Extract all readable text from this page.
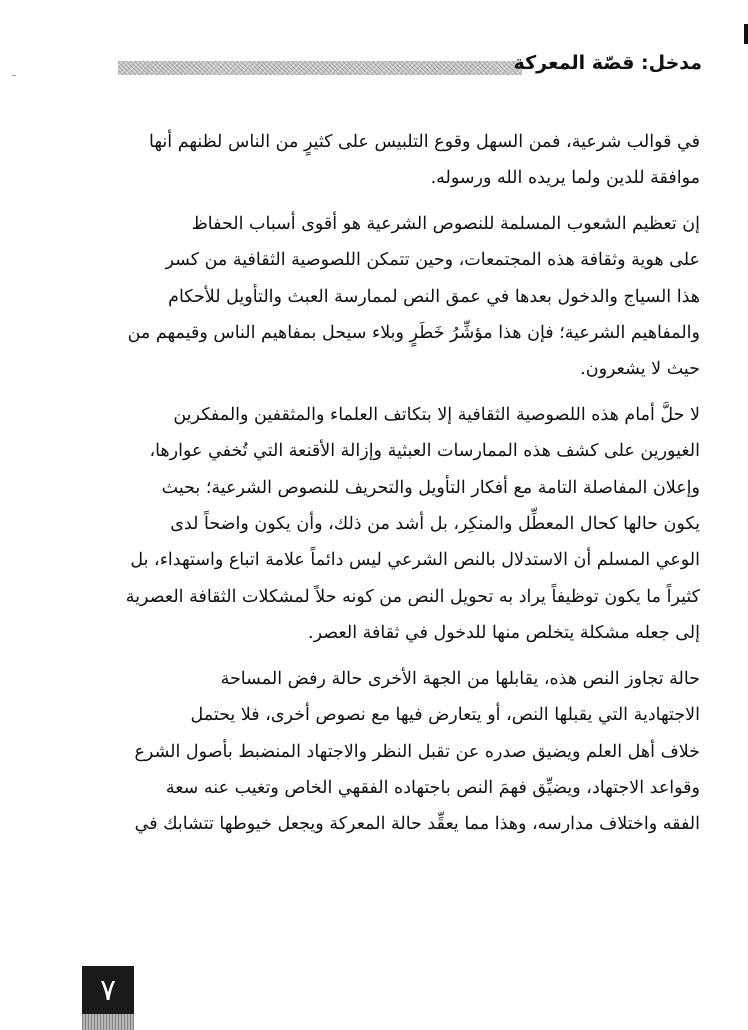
مدخل: قصّة المعركة

في قوالب شرعية، فمن السهل وقوع التلبيس على كثيرٍ من الناس لظنهم أنها
موافقة للدين ولما يريده الله ورسوله.

إن تعظيم الشعوب المسلمة للنصوص الشرعية هو أقوى أسباب الحفاظ
على هوية وثقافة هذه المجتمعات، وحين تتمكن اللصوصية الثقافية من كسر
هذا السياج والدخول بعدها في عمق النص لممارسة العبث والتأويل للأحكام
والمفاهيم الشرعية؛ فإن هذا مؤشِّرُ خَطَرٍ وبلاء سيحل بمفاهيم الناس وقيمهم من
حيث لا يشعرون.

لا حلَّ أمام هذه اللصوصية الثقافية إلا بتكاتف العلماء والمثقفين والمفكرين
الغيورين على كشف هذه الممارسات العبثية وإزالة الأقنعة التي تُخفي عوارها،
وإعلان المفاصلة التامة مع أفكار التأويل والتحريف للنصوص الشرعية؛ بحيث
يكون حالها كحال المعطِّل والمنكِر، بل أشد من ذلك، وأن يكون واضحاً لدى
الوعي المسلم أن الاستدلال بالنص الشرعي ليس دائماً علامة اتباع واستهداء، بل
كثيراً ما يكون توظيفاً يراد به تحويل النص من كونه حلاً لمشكلات الثقافة العصرية
إلى جعله مشكلة يتخلص منها للدخول في ثقافة العصر.

حالة تجاوز النص هذه، يقابلها من الجهة الأخرى حالة رفض المساحة
الاجتهادية التي يقبلها النص، أو يتعارض فيها مع نصوص أخرى، فلا يحتمل
خلاف أهل العلم ويضيق صدره عن تقبل النظر والاجتهاد المنضبط بأصول الشرع
وقواعد الاجتهاد، ويضيِّق فهمَ النص باجتهاده الفقهي الخاص وتغيب عنه سعة
الفقه واختلاف مدارسه، وهذا مما يعقِّد حالة المعركة ويجعل خيوطها تتشابك في

٧
